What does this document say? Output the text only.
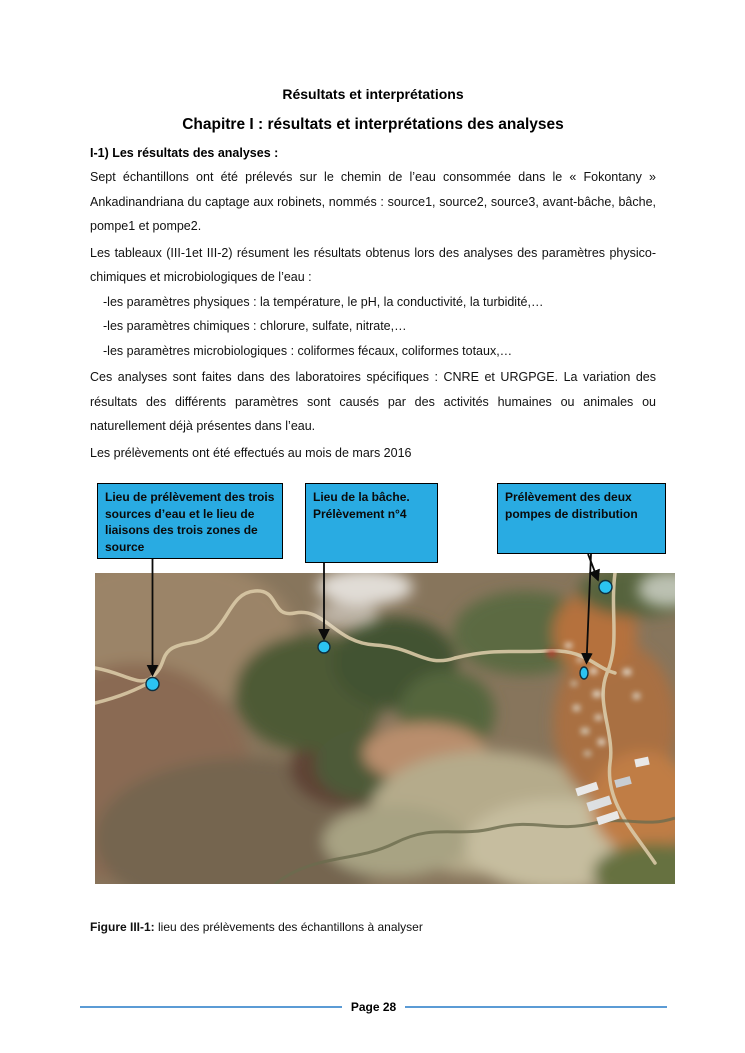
Résultats et interprétations
Chapitre I : résultats et interprétations des analyses

I-1) Les résultats des analyses :

Sept échantillons ont été prélevés sur le chemin de l’eau consommée dans le « Fokontany » Ankadinandriana du captage aux robinets, nommés : source1, source2, source3, avant-bâche, bâche, pompe1 et pompe2.

Les tableaux (III-1et III-2) résument les résultats obtenus lors des analyses des paramètres physico-chimiques et microbiologiques de l’eau :

-les paramètres physiques : la température, le pH, la conductivité, la turbidité,…
-les paramètres chimiques : chlorure, sulfate, nitrate,…
-les paramètres microbiologiques : coliformes fécaux, coliformes totaux,…

Ces analyses sont faites dans des laboratoires spécifiques : CNRE et URGPGE. La variation des résultats des différents paramètres sont causés par des activités humaines ou animales ou naturellement déjà présentes dans l’eau.

Les prélèvements ont été effectués au mois de mars 2016

Lieu de prélèvement des trois sources d’eau et le lieu de liaisons des trois zones de source
Lieu de la bâche. Prélèvement n°4
Prélèvement des deux pompes de distribution
Figure III-1: lieu des prélèvements des échantillons à analyser
Page 28
